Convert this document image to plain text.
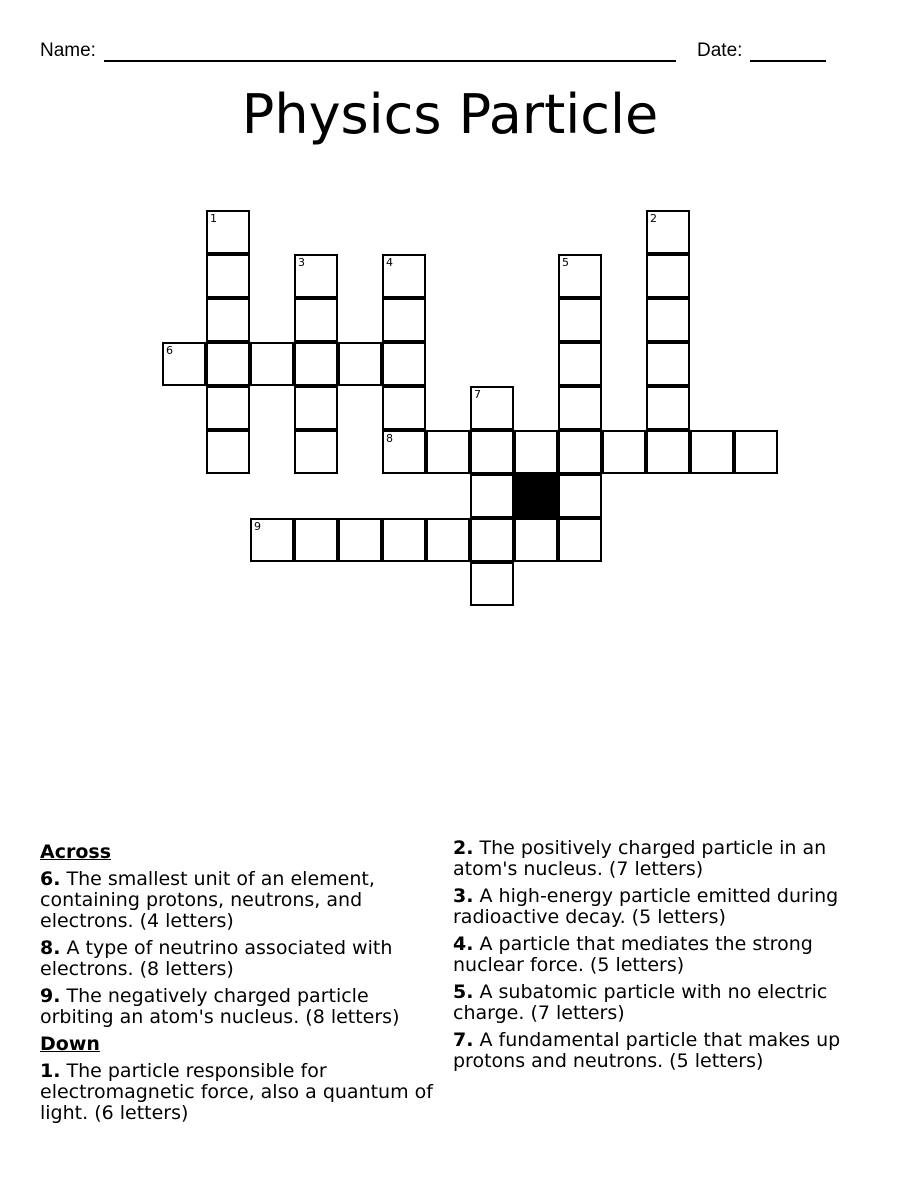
Name:	Date:
Physics Particle
1	2
3	4
8
5
6
7
9
Across
6. The smallest unit of an element, containing protons, neutrons, and electrons. (4 letters)
8. A type of neutrino associated with electrons. (8 letters)
9. The negatively charged particle orbiting an atom's nucleus. (8 letters)
Down
1. The particle responsible for electromagnetic force, also a quantum of light. (6 letters)
2. The positively charged particle in an atom's nucleus. (7 letters)
3. A high-energy particle emitted during radioactive decay. (5 letters)
4. A particle that mediates the strong nuclear force. (5 letters)
5. A subatomic particle with no electric charge. (7 letters)
7. A fundamental particle that makes up protons and neutrons. (5 letters)
